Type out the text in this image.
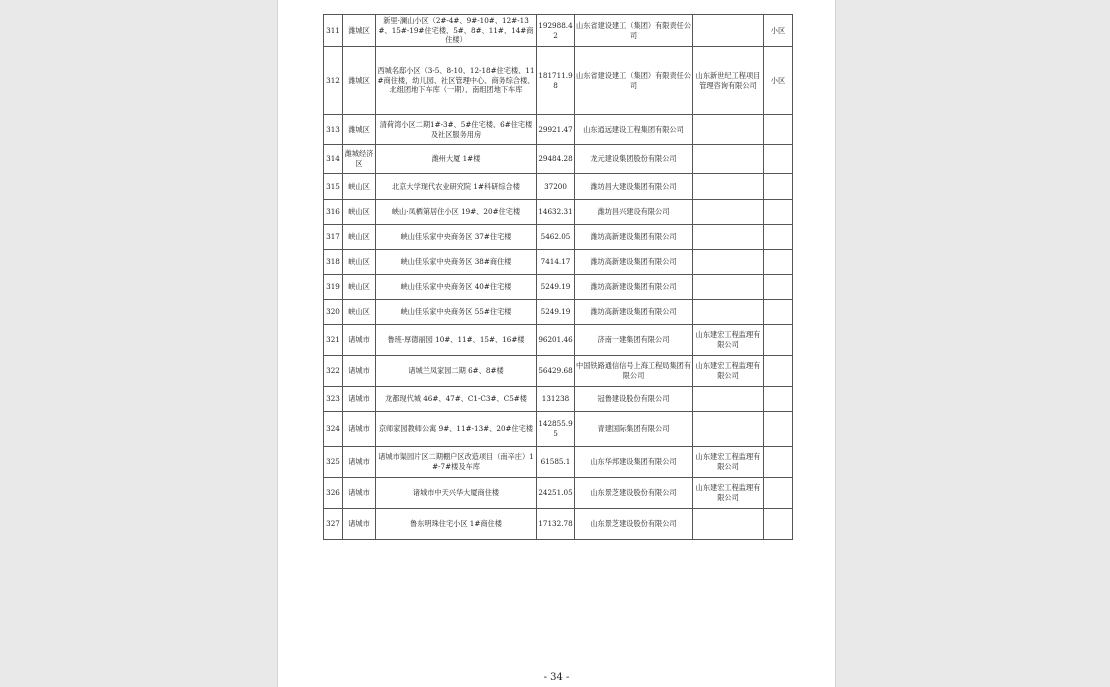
311	潍城区	新里·澜山小区（2#-4#、9#-10#、12#-13#、15#-19#住宅楼、5#、8#、11#、14#商住楼）	192988.42	山东省建设建工（集团）有限责任公司		小区
312	潍城区	西城名邸小区（3-5、8-10、12-18#住宅楼、11#商住楼，幼儿园、社区管理中心、商务综合楼、北组团地下车库（一期）、南组团地下车库	181711.98	山东省建设建工（集团）有限责任公司	山东新世纪工程项目管理咨询有限公司	小区
313	潍城区	清荷湾小区二期1#-3#、5#住宅楼、6#住宅楼及社区服务用房	29921.47	山东逍远建设工程集团有限公司		
314	潍城经济区	潍州大厦 1#楼	29484.28	龙元建设集团股份有限公司		
315	峡山区	北京大学现代农业研究院 1#科研综合楼	37200	潍坊昌大建设集团有限公司		
316	峡山区	峡山·凤栖第居住小区 19#、20#住宅楼	14632.31	潍坊昌兴建设有限公司		
317	峡山区	峡山佳乐家中央商务区 37#住宅楼	5462.05	潍坊高新建设集团有限公司		
318	峡山区	峡山佳乐家中央商务区 38#商住楼	7414.17	潍坊高新建设集团有限公司		
319	峡山区	峡山佳乐家中央商务区 40#住宅楼	5249.19	潍坊高新建设集团有限公司		
320	峡山区	峡山佳乐家中央商务区 55#住宅楼	5249.19	潍坊高新建设集团有限公司		
321	诸城市	鲁班·厚德丽园 10#、11#、15#、16#楼	96201.46	济南一建集团有限公司	山东建宏工程监理有限公司	
322	诸城市	诸城兰凤家园二期 6#、8#楼	56429.68	中国铁路通信信号上海工程局集团有限公司	山东建宏工程监理有限公司	
323	诸城市	龙都现代城 46#、47#、C1-C3#、C5#楼	131238	冠鲁建设股份有限公司		
324	诸城市	京师家园教师公寓 9#、11#-13#、20#住宅楼	142855.95	青建国际集团有限公司		
325	诸城市	诸城市渠园片区二期棚户区改造项目（南辛庄）1#-7#楼及车库	61585.1	山东华邦建设集团有限公司	山东建宏工程监理有限公司	
326	诸城市	诸城市中天兴华大厦商住楼	24251.05	山东景芝建设股份有限公司	山东建宏工程监理有限公司	
327	诸城市	鲁东明珠住宅小区 1#商住楼	17132.78	山东景芝建设股份有限公司		
- 34 -
